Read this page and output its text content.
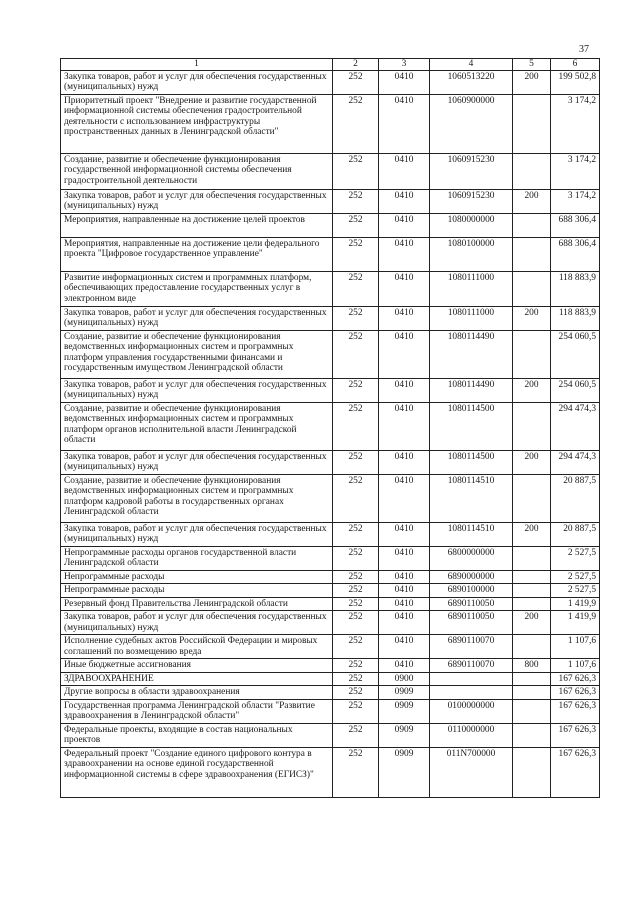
37
1	2	3	4	5	6
Закупка товаров, работ и услуг для обеспечения государственных (муниципальных) нужд	252	0410	1060513220	200	199 502,8
Приоритетный проект "Внедрение и развитие государственной информационной системы обеспечения градостроительной деятельности с использованием инфраструктуры пространственных данных в Ленинградской области"	252	0410	1060900000		3 174,2
Создание, развитие и обеспечение функционирования государственной информационной системы обеспечения градостроительной деятельности	252	0410	1060915230		3 174,2
Закупка товаров, работ и услуг для обеспечения государственных (муниципальных) нужд	252	0410	1060915230	200	3 174,2
Мероприятия, направленные на достижение целей проектов	252	0410	1080000000		688 306,4
Мероприятия, направленные на достижение цели федерального проекта "Цифровое государственное управление"	252	0410	1080100000		688 306,4
Развитие информационных систем и программных платформ, обеспечивающих предоставление государственных услуг в электронном виде	252	0410	1080111000		118 883,9
Закупка товаров, работ и услуг для обеспечения государственных (муниципальных) нужд	252	0410	1080111000	200	118 883,9
Создание, развитие и обеспечение функционирования ведомственных информационных систем и программных платформ управления государственными финансами и государственным имуществом Ленинградской области	252	0410	1080114490		254 060,5
Закупка товаров, работ и услуг для обеспечения государственных (муниципальных) нужд	252	0410	1080114490	200	254 060,5
Создание, развитие и обеспечение функционирования ведомственных информационных систем и программных платформ органов исполнительной власти Ленинградской области	252	0410	1080114500		294 474,3
Закупка товаров, работ и услуг для обеспечения государственных (муниципальных) нужд	252	0410	1080114500	200	294 474,3
Создание, развитие и обеспечение функционирования ведомственных информационных систем и программных платформ кадровой работы в государственных органах Ленинградской области	252	0410	1080114510		20 887,5
Закупка товаров, работ и услуг для обеспечения государственных (муниципальных) нужд	252	0410	1080114510	200	20 887,5
Непрограммные расходы органов государственной власти Ленинградской области	252	0410	6800000000		2 527,5
Непрограммные расходы	252	0410	6890000000		2 527,5
Непрограммные расходы	252	0410	6890100000		2 527,5
Резервный фонд Правительства Ленинградской области	252	0410	6890110050		1 419,9
Закупка товаров, работ и услуг для обеспечения государственных (муниципальных) нужд	252	0410	6890110050	200	1 419,9
Исполнение судебных актов Российской Федерации и мировых соглашений по возмещению вреда	252	0410	6890110070		1 107,6
Иные бюджетные ассигнования	252	0410	6890110070	800	1 107,6
ЗДРАВООХРАНЕНИЕ	252	0900			167 626,3
Другие вопросы в области здравоохранения	252	0909			167 626,3
Государственная программа Ленинградской области "Развитие здравоохранения в Ленинградской области"	252	0909	0100000000		167 626,3
Федеральные проекты, входящие в состав национальных проектов	252	0909	0110000000		167 626,3
Федеральный проект "Создание единого цифрового контура в здравоохранении на основе единой государственной информационной системы в сфере здравоохранения (ЕГИСЗ)"	252	0909	011N700000		167 626,3
